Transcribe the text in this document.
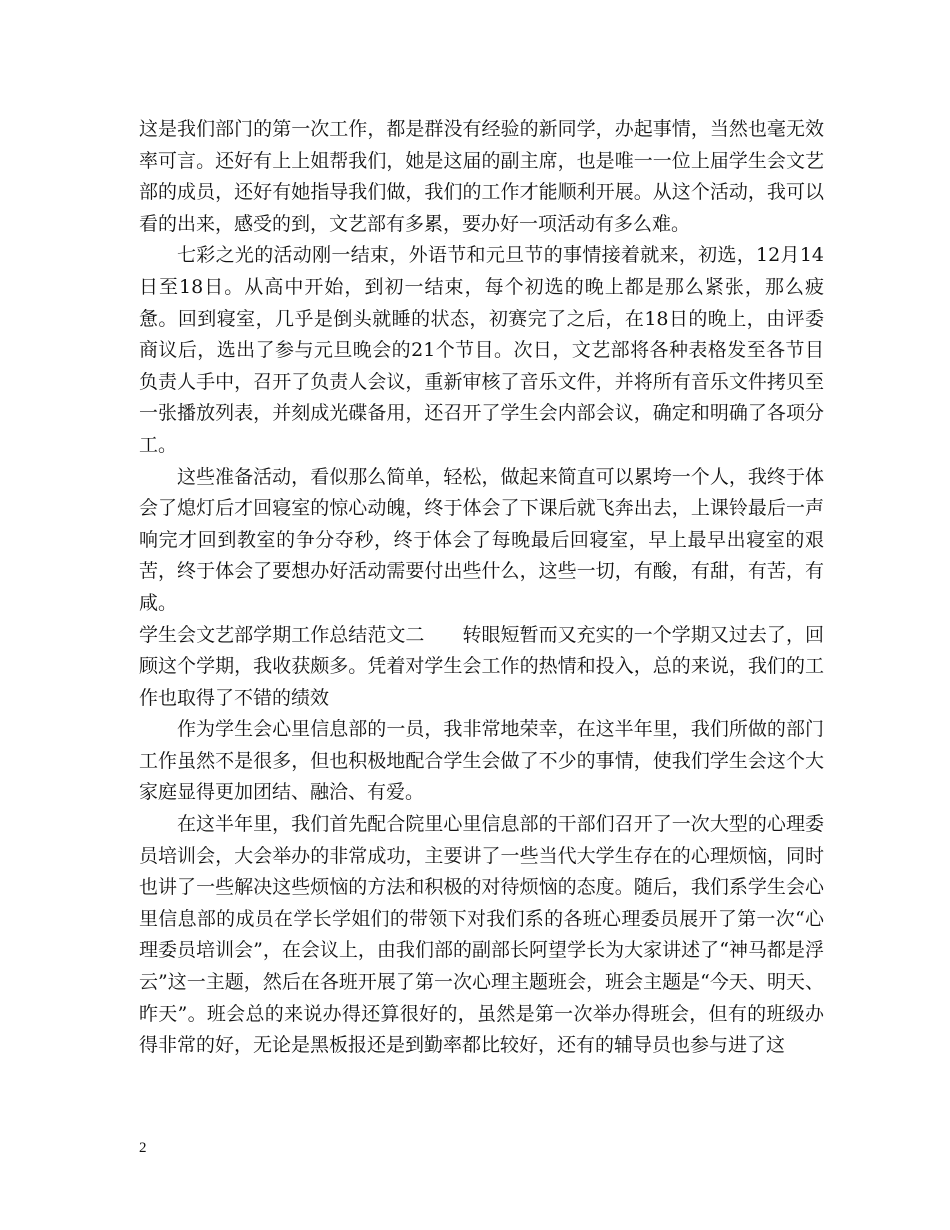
这是我们部门的第一次工作，都是群没有经验的新同学，办起事情，当然也毫无效率可言。还好有上上姐帮我们，她是这届的副主席，也是唯一一位上届学生会文艺部的成员，还好有她指导我们做，我们的工作才能顺利开展。从这个活动，我可以看的出来，感受的到，文艺部有多累，要办好一项活动有多么难。

七彩之光的活动刚一结束，外语节和元旦节的事情接着就来，初选，12月14日至18日。从高中开始，到初一结束，每个初选的晚上都是那么紧张，那么疲惫。回到寝室，几乎是倒头就睡的状态，初赛完了之后，在18日的晚上，由评委商议后，选出了参与元旦晚会的21个节目。次日，文艺部将各种表格发至各节目负责人手中，召开了负责人会议，重新审核了音乐文件，并将所有音乐文件拷贝至一张播放列表，并刻成光碟备用，还召开了学生会内部会议，确定和明确了各项分工。

这些准备活动，看似那么简单，轻松，做起来简直可以累垮一个人，我终于体会了熄灯后才回寝室的惊心动魄，终于体会了下课后就飞奔出去，上课铃最后一声响完才回到教室的争分夺秒，终于体会了每晚最后回寝室，早上最早出寝室的艰苦，终于体会了要想办好活动需要付出些什么，这些一切，有酸，有甜，有苦，有咸。

学生会文艺部学期工作总结范文二　　转眼短暂而又充实的一个学期又过去了，回顾这个学期，我收获颇多。凭着对学生会工作的热情和投入，总的来说，我们的工作也取得了不错的绩效

作为学生会心里信息部的一员，我非常地荣幸，在这半年里，我们所做的部门工作虽然不是很多，但也积极地配合学生会做了不少的事情，使我们学生会这个大家庭显得更加团结、融洽、有爱。

在这半年里，我们首先配合院里心里信息部的干部们召开了一次大型的心理委员培训会，大会举办的非常成功，主要讲了一些当代大学生存在的心理烦恼，同时也讲了一些解决这些烦恼的方法和积极的对待烦恼的态度。随后，我们系学生会心里信息部的成员在学长学姐们的带领下对我们系的各班心理委员展开了第一次“心理委员培训会”，在会议上，由我们部的副部长阿望学长为大家讲述了“神马都是浮云”这一主题，然后在各班开展了第一次心理主题班会，班会主题是“今天、明天、昨天”。班会总的来说办得还算很好的，虽然是第一次举办得班会，但有的班级办得非常的好，无论是黑板报还是到勤率都比较好，还有的辅导员也参与进了这

2
